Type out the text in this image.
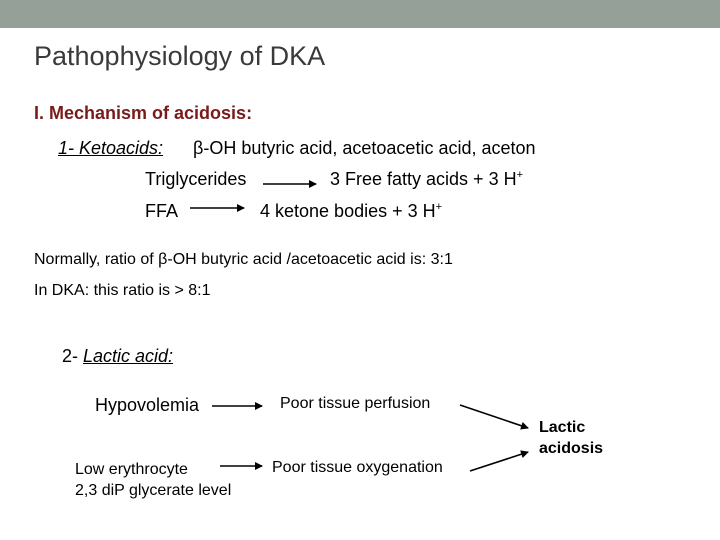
Pathophysiology of DKA
I. Mechanism of acidosis:
1- Ketoacids: β-OH butyric acid, acetoacetic acid, aceton
Triglycerides	3 Free fatty acids + 3 H+
FFA	4 ketone bodies + 3 H+
Normally, ratio of β-OH butyric acid /acetoacetic acid is: 3:1
In DKA: this ratio is > 8:1
2- Lactic acid:
Hypovolemia	Poor tissue perfusion
Lactic
acidosis
Low erythrocyte
2,3 diP glycerate level
Poor tissue oxygenation
